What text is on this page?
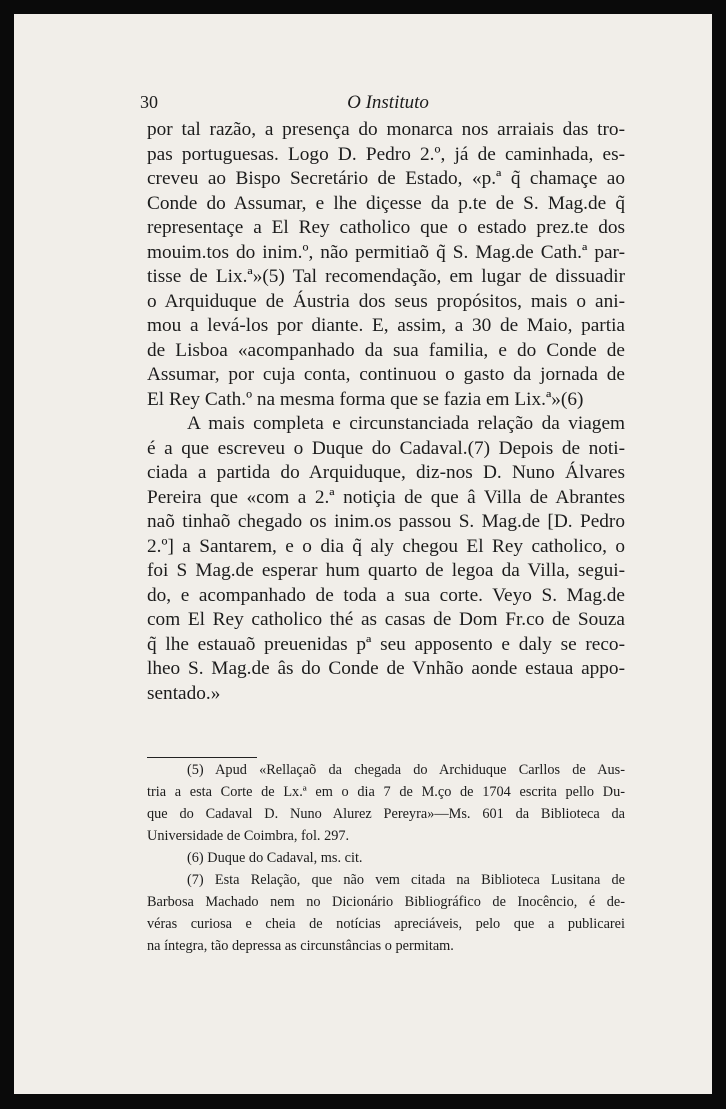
30	O Instituto
por tal razão, a presença do monarca nos arraiais das tro-
pas portuguesas. Logo D. Pedro 2.º, já de caminhada, es-
creveu ao Bispo Secretário de Estado, «p.ª q̃ chamaçe ao
Conde do Assumar, e lhe diçesse da p.te de S. Mag.de q̃
representaçe a El Rey catholico que o estado prez.te dos
mouim.tos do inim.º, não permitiaõ q̃ S. Mag.de Cath.ª par-
tisse de Lix.ª»(5) Tal recomendação, em lugar de dissuadir
o Arquiduque de Áustria dos seus propósitos, mais o ani-
mou a levá-los por diante. E, assim, a 30 de Maio, partia
de Lisboa «acompanhado da sua familia, e do Conde de
Assumar, por cuja conta, continuou o gasto da jornada de
El Rey Cath.º na mesma forma que se fazia em Lix.ª»(6)
A mais completa e circunstanciada relação da viagem
é a que escreveu o Duque do Cadaval.(7) Depois de noti-
ciada a partida do Arquiduque, diz-nos D. Nuno Álvares
Pereira que «com a 2.ª notiçia de que â Villa de Abrantes
naõ tinhaõ chegado os inim.os passou S. Mag.de [D. Pedro
2.º] a Santarem, e o dia q̃ aly chegou El Rey catholico, o
foi S Mag.de esperar hum quarto de legoa da Villa, segui-
do, e acompanhado de toda a sua corte. Veyo S. Mag.de
com El Rey catholico thé as casas de Dom Fr.co de Souza
q̃ lhe estauaõ preuenidas pª seu apposento e daly se reco-
lheo S. Mag.de âs do Conde de Vnhão aonde estaua appo-
sentado.»
(5) Apud «Rellaçaõ da chegada do Archiduque Carllos de Aus-
tria a esta Corte de Lx.ª em o dia 7 de M.ço de 1704 escrita pello Du-
que do Cadaval D. Nuno Alurez Pereyra»—Ms. 601 da Biblioteca da
Universidade de Coimbra, fol. 297.
(6) Duque do Cadaval, ms. cit.
(7) Esta Relação, que não vem citada na Biblioteca Lusitana de
Barbosa Machado nem no Dicionário Bibliográfico de Inocêncio, é de-
véras curiosa e cheia de notícias apreciáveis, pelo que a publicarei
na íntegra, tão depressa as circunstâncias o permitam.
